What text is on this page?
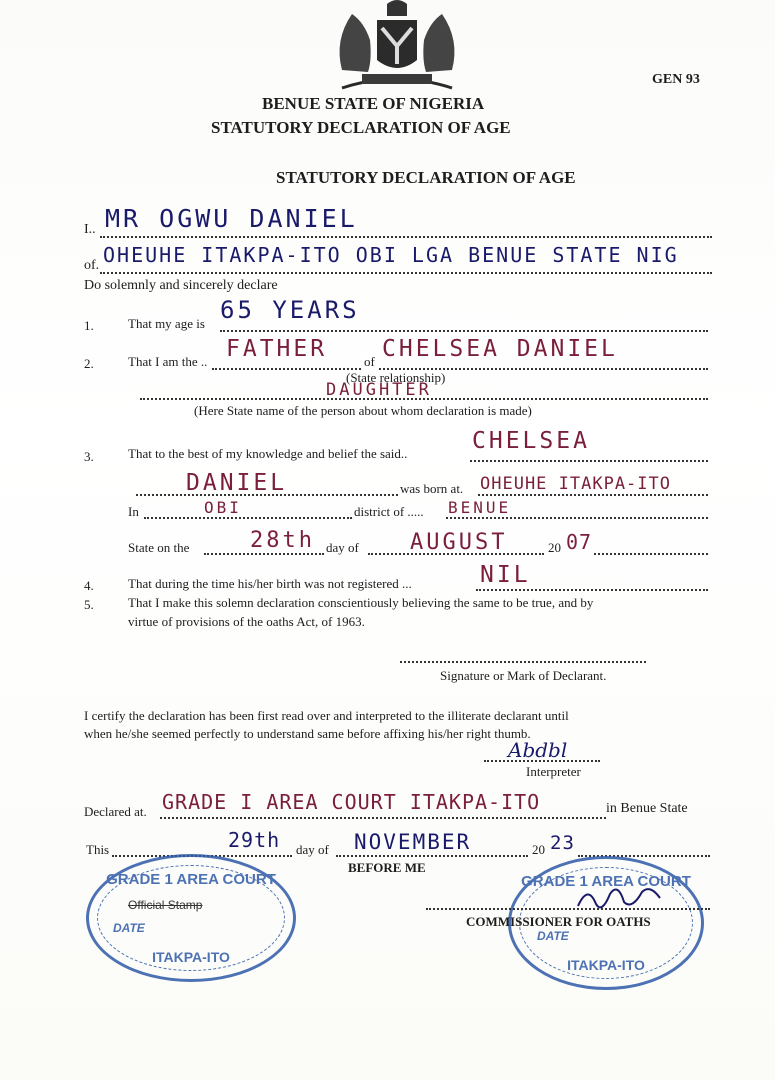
GEN 93
BENUE STATE OF NIGERIA
STATUTORY DECLARATION OF AGE
STATUTORY DECLARATION OF AGE
I.. MR OGWU DANIEL
of. OHEUHE ITAKPA-ITO OBI LGA BENUE STATE NIG
Do solemnly and sincerely declare
1.	That my age is 65 YEARS
2.	That I am the .. FATHER	of CHELSEA DANIEL
(State relationship)
DAUGHTER
(Here State name of the person about whom declaration is made)
3.	That to the best of my knowledge and belief the said..	CHELSEA
DANIEL	was born at. OHEUHE ITAKPA-ITO
In	OBI	district of ..... BENUE
State on the	28th day of AUGUST	20 07
4.	That during the time his/her birth was not registered ...	NIL
5.	That I make this solemn declaration conscientiously believing the same to be true, and by
virtue of provisions of the oaths Act, of 1963.
Signature or Mark of Declarant.
I certify the declaration has been first read over and interpreted to the illiterate declarant until
when he/she seemed perfectly to understand same before affixing his/her right thumb.
Abdbl
Interpreter
Declared at. GRADE I AREA COURT ITAKPA-ITO	in Benue State
This	29th day of NOVEMBER	20 23
BEFORE ME
GRADE 1 AREA COURT
DATE
ITAKPA-ITO
Official Stamp
GRADE 1 AREA COURT
DATE
ITAKPA-ITO
COMMISSIONER FOR OATHS
